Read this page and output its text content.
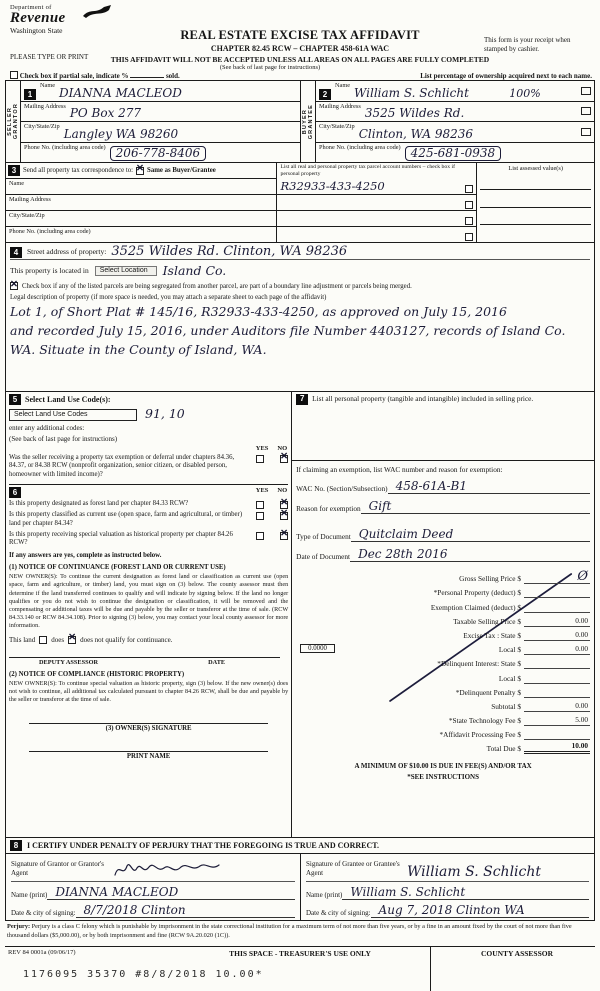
Department of
Revenue
Washington State	REAL ESTATE EXCISE TAX AFFIDAVIT
CHAPTER 82.45 RCW – CHAPTER 458-61A WAC
This form is your receipt when stamped by cashier.
PLEASE TYPE OR PRINT	THIS AFFIDAVIT WILL NOT BE ACCEPTED UNLESS ALL AREAS ON ALL PAGES ARE FULLY COMPLETED
(See back of last page for instructions)
Check box if partial sale, indicate %	sold.	List percentage of ownership acquired next to each name.
SELLER GRANTOR
1
Name DIANNA MACLEOD
Mailing Address PO Box 277
City/State/Zip Langley WA 98260
Phone No. (including area code) 206-778-8406
BUYER GRANTEE
2
Name William S. Schlicht	100%
Mailing Address 3525 Wildes Rd.
City/State/Zip Clinton, WA 98236
Phone No. (including area code) 425-681-0938
3 Send all property tax correspondence to: ✕ Same as Buyer/Grantee
Name
Mailing Address
City/State/Zip
Phone No. (including area code)
List all real and personal property tax parcel account numbers – check box if personal property
R32933-433-4250
List assessed value(s)
4	Street address of property: 3525 Wildes Rd. Clinton, WA 98236
This property is located in	Select Location	Island Co.
✕
Check box if any of the listed parcels are being segregated from another parcel, are part of a boundary line adjustment or parcels being merged.
Legal description of property (if more space is needed, you may attach a separate sheet to each page of the affidavit)
Lot 1, of Short Plat # 145/16, R32933-433-4250, as approved on July 15, 2016
and recorded July 15, 2016, under Auditors file Number 4403127, records of Island Co.
WA. Situate in the County of Island, WA.
5 Select Land Use Code(s):
Select Land Use Codes	91, 10
enter any additional codes:
(See back of last page for instructions)
YES NO
Was the seller receiving a property tax exemption or deferral under chapters 84.36, 84.37, or 84.38 RCW (nonprofit organization, senior citizen, or disabled person, homeowner with limited income)?
✕
6	YES NO
Is this property designated as forest land per chapter 84.33 RCW?
✕
Is this property classified as current use (open space, farm and agricultural, or timber) land per chapter 84.34?
✕
Is this property receiving special valuation as historical property per chapter 84.26 RCW?
✕
If any answers are yes, complete as instructed below.
(1) NOTICE OF CONTINUANCE (FOREST LAND OR CURRENT USE)
NEW OWNER(S): To continue the current designation as forest land or classification as current use (open space, farm and agriculture, or timber) land, you must sign on (3) below. The county assessor must then determine if the land transferred continues to qualify and will indicate by signing below. If the land no longer qualifies or you do not wish to continue the designation or classification, it will be removed and the compensating or additional taxes will be due and payable by the seller or transferor at the time of sale. (RCW 84.33.140 or RCW 84.34.108). Prior to signing (3) below, you may contact your local county assessor for more information.
This land does ✕ does not qualify for continuance.
DEPUTY ASSESSOR	DATE
(2) NOTICE OF COMPLIANCE (HISTORIC PROPERTY)
NEW OWNER(S): To continue special valuation as historic property, sign (3) below. If the new owner(s) does not wish to continue, all additional tax calculated pursuant to chapter 84.26 RCW, shall be due and payable by the seller or transferor at the time of sale.
(3) OWNER(S) SIGNATURE
PRINT NAME
7	List all personal property (tangible and intangible) included in selling price.
If claiming an exemption, list WAC number and reason for exemption:
WAC No. (Section/Subsection) 458-61A-B1
Reason for exemption Gift
Type of Document Quitclaim Deed
Date of Document Dec 28th 2016
Gross Selling Price $	Ø
*Personal Property (deduct) $
Exemption Claimed (deduct) $
Taxable Selling Price $	0.00
Excise Tax : State $	0.00
0.0000	Local $	0.00
*Delinquent Interest: State $
Local $
*Delinquent Penalty $
Subtotal $	0.00
*State Technology Fee $	5.00
*Affidavit Processing Fee $
Total Due $	10.00
A MINIMUM OF $10.00 IS DUE IN FEE(S) AND/OR TAX
*SEE INSTRUCTIONS
8	I CERTIFY UNDER PENALTY OF PERJURY THAT THE FOREGOING IS TRUE AND CORRECT.
Signature of Grantor or Grantor's Agent
Name (print) DIANNA MACLEOD
Date & city of signing: 8/7/2018 Clinton
Signature of Grantee or Grantee's Agent	William S. Schlicht
Name (print) William S. Schlicht
Date & city of signing: Aug 7, 2018 Clinton WA
Perjury: Perjury is a class C felony which is punishable by imprisonment in the state correctional institution for a maximum term of not more than five years, or by a fine in an amount fixed by the court of not more than five thousand dollars ($5,000.00), or by both imprisonment and fine (RCW 9A.20.020 (1C)).
REV 84 0001a (09/06/17)	THIS SPACE - TREASURER'S USE ONLY	COUNTY ASSESSOR
1176095 35370 #8/8/2018 10.00*
